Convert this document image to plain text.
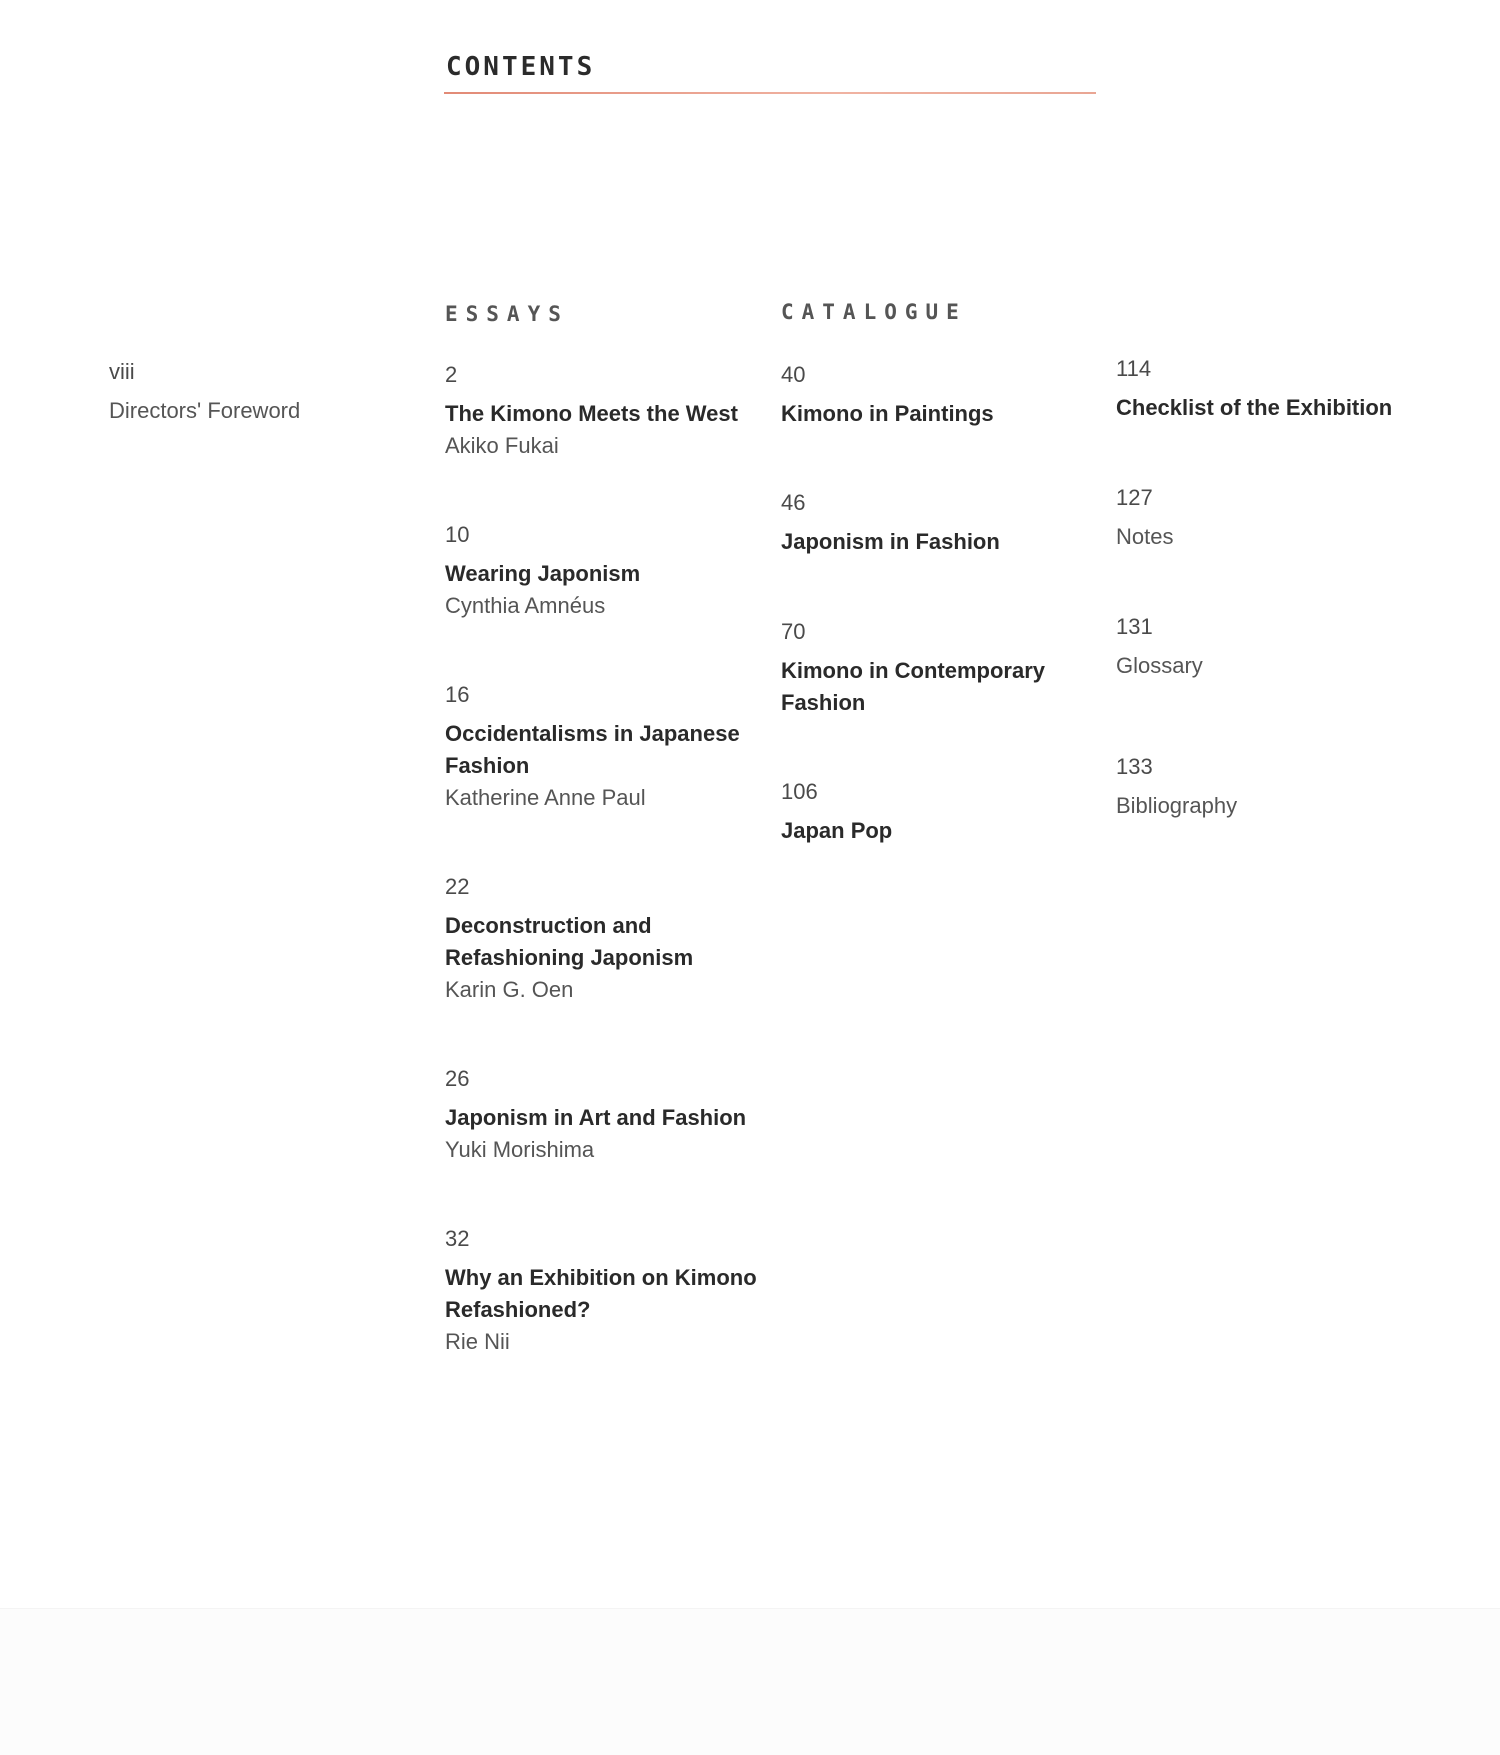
CONTENTS

viii

Directors' Foreword

ESSAYS

2

The Kimono Meets the West

Akiko Fukai

10

Wearing Japonism

Cynthia Amnéus

16

Occidentalisms in Japanese Fashion

Katherine Anne Paul

22

Deconstruction and Refashioning Japonism

Karin G. Oen

26

Japonism in Art and Fashion

Yuki Morishima

32

Why an Exhibition on Kimono Refashioned?

Rie Nii

CATALOGUE

40

Kimono in Paintings

46

Japonism in Fashion

70

Kimono in Contemporary Fashion

106

Japan Pop

114

Checklist of the Exhibition

127

Notes

131

Glossary

133

Bibliography
